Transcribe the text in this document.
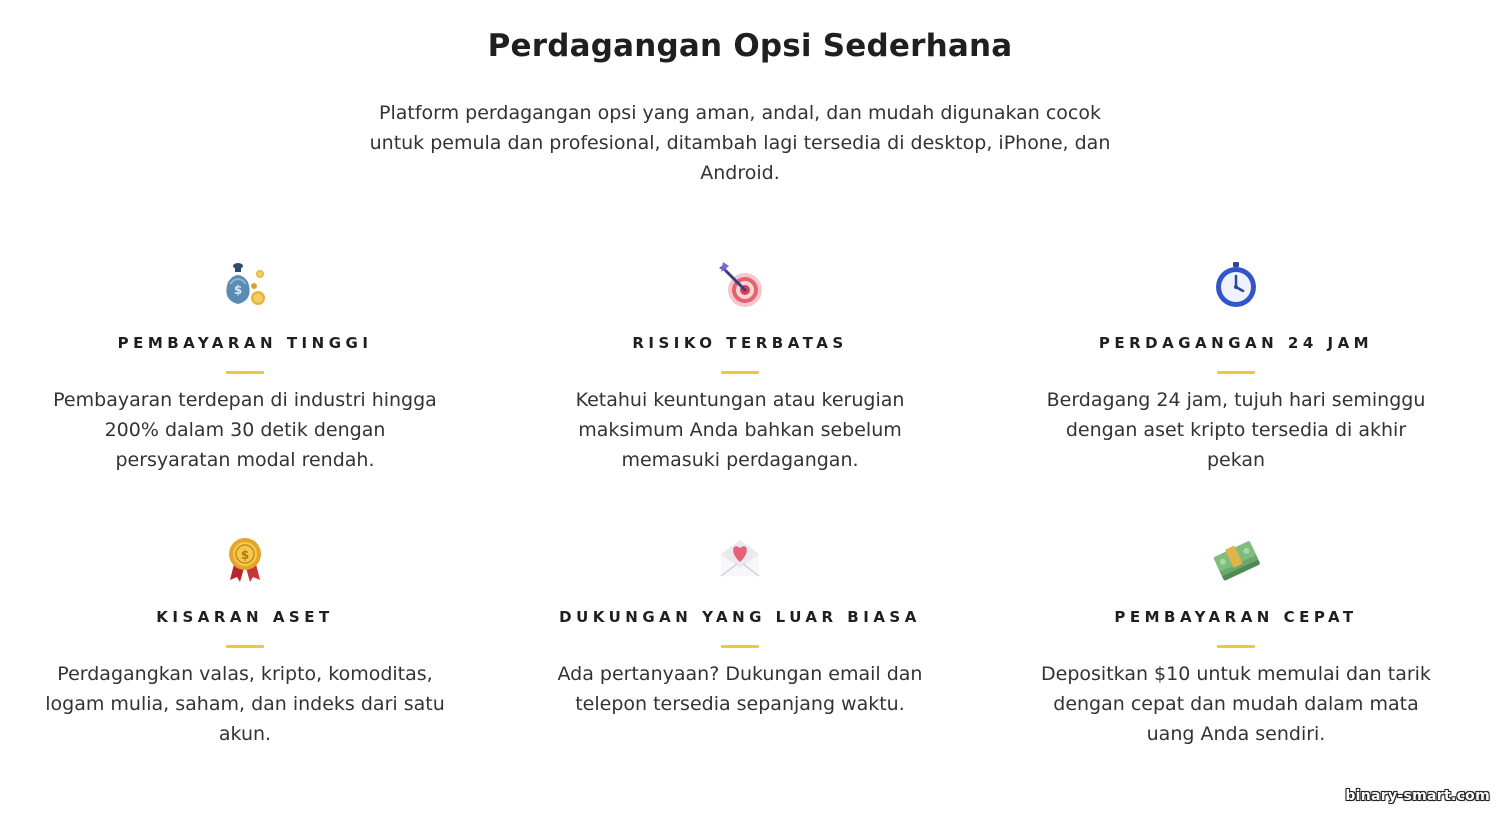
Perdagangan Opsi Sederhana

Platform perdagangan opsi yang aman, andal, dan mudah digunakan cocok untuk pemula dan profesional, ditambah lagi tersedia di desktop, iPhone, dan Android.

$
PEMBAYARAN TINGGI

Pembayaran terdepan di industri hingga 200% dalam 30 detik dengan persyaratan modal rendah.

RISIKO TERBATAS

Ketahui keuntungan atau kerugian maksimum Anda bahkan sebelum memasuki perdagangan.

PERDAGANGAN 24 JAM

Berdagang 24 jam, tujuh hari seminggu dengan aset kripto tersedia di akhir pekan

$
KISARAN ASET

Perdagangkan valas, kripto, komoditas, logam mulia, saham, dan indeks dari satu akun.

DUKUNGAN YANG LUAR BIASA

Ada pertanyaan? Dukungan email dan telepon tersedia sepanjang waktu.

PEMBAYARAN CEPAT

Depositkan $10 untuk memulai dan tarik dengan cepat dan mudah dalam mata uang Anda sendiri.

binary-smart.com
